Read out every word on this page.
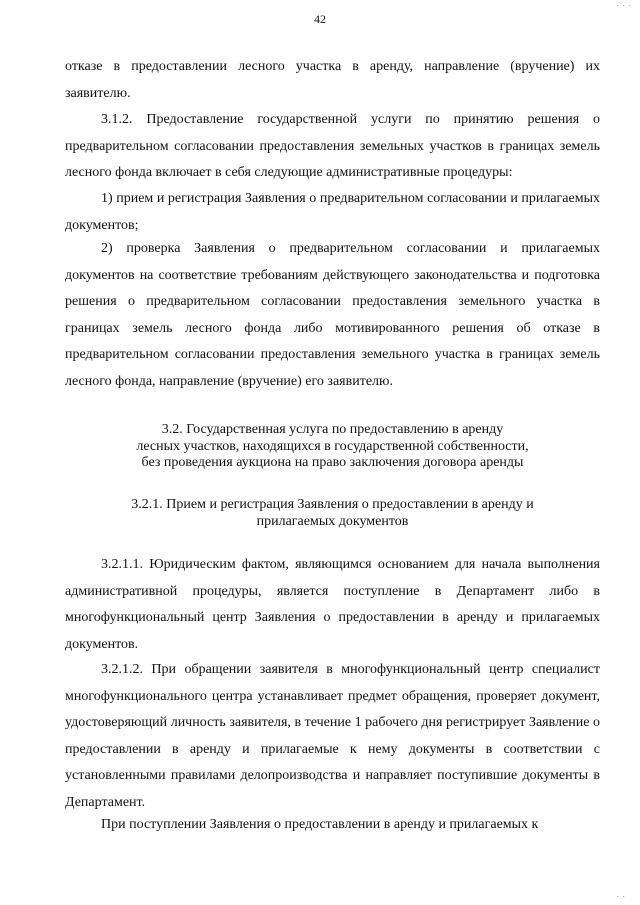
· · ·
42

отказе в предоставлении лесного участка в аренду, направление (вручение) их заявителю.

3.1.2. Предоставление государственной услуги по принятию решения о предварительном согласовании предоставления земельных участков в границах земель лесного фонда включает в себя следующие административные процедуры:

1) прием и регистрация Заявления о предварительном согласовании и прилагаемых документов;

2) проверка Заявления о предварительном согласовании и прилагаемых документов на соответствие требованиям действующего законодательства и подготовка решения о предварительном согласовании предоставления земельного участка в границах земель лесного фонда либо мотивированного решения об отказе в предварительном согласовании предоставления земельного участка в границах земель лесного фонда, направление (вручение) его заявителю.

3.2. Государственная услуга по предоставлению в аренду
лесных участков, находящихся в государственной собственности,
без проведения аукциона на право заключения договора аренды
3.2.1. Прием и регистрация Заявления о предоставлении в аренду и
прилагаемых документов

3.2.1.1. Юридическим фактом, являющимся основанием для начала выполнения административной процедуры, является поступление в Департамент либо в многофункциональный центр Заявления о предоставлении в аренду и прилагаемых документов.

3.2.1.2. При обращении заявителя в многофункциональный центр специалист многофункционального центра устанавливает предмет обращения, проверяет документ, удостоверяющий личность заявителя, в течение 1 рабочего дня регистрирует Заявление о предоставлении в аренду и прилагаемые к нему документы в соответствии с установленными правилами делопроизводства и направляет поступившие документы в Департамент.

При поступлении Заявления о предоставлении в аренду и прилагаемых к

· ·
